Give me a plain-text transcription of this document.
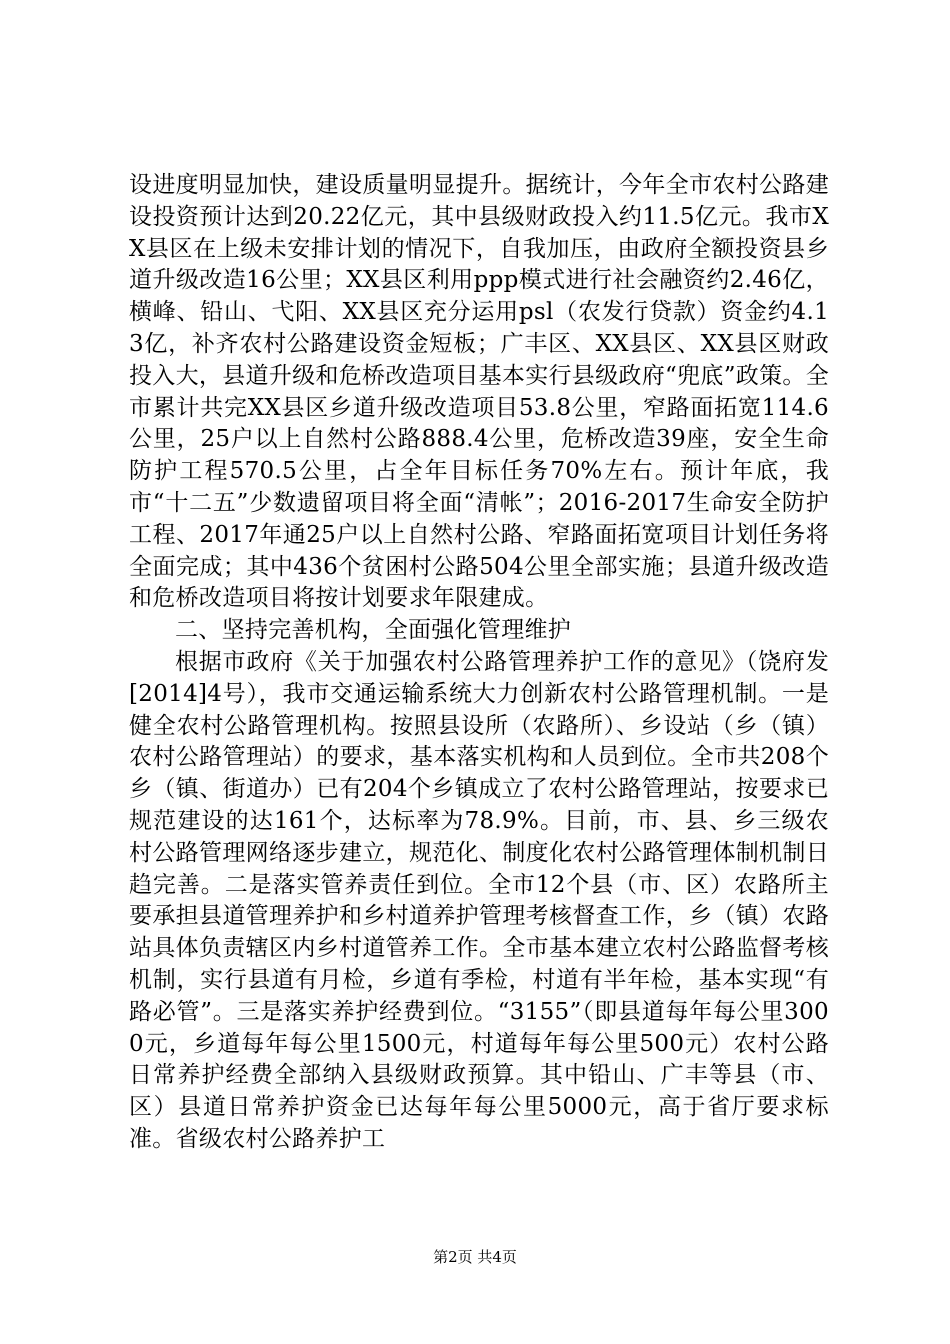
设进度明显加快，建设质量明显提升。据统计，今年全市农村公路建设投资预计达到20.22亿元，其中县级财政投入约11.5亿元。我市XX县区在上级未安排计划的情况下，自我加压，由政府全额投资县乡道升级改造16公里；XX县区利用ppp模式进行社会融资约2.46亿，横峰、铅山、弋阳、XX县区充分运用psl（农发行贷款）资金约4.13亿，补齐农村公路建设资金短板；广丰区、XX县区、XX县区财政投入大，县道升级和危桥改造项目基本实行县级政府“兜底”政策。全市累计共完XX县区乡道升级改造项目53.8公里，窄路面拓宽114.6公里，25户以上自然村公路888.4公里，危桥改造39座，安全生命防护工程570.5公里，占全年目标任务70%左右。预计年底，我市“十二五”少数遗留项目将全面“清帐”；2016-2017生命安全防护工程、2017年通25户以上自然村公路、窄路面拓宽项目计划任务将全面完成；其中436个贫困村公路504公里全部实施；县道升级改造和危桥改造项目将按计划要求年限建成。

二、坚持完善机构，全面强化管理维护

根据市政府《关于加强农村公路管理养护工作的意见》（饶府发[2014]4号），我市交通运输系统大力创新农村公路管理机制。一是健全农村公路管理机构。按照县设所（农路所）、乡设站（乡（镇）农村公路管理站）的要求，基本落实机构和人员到位。全市共208个乡（镇、街道办）已有204个乡镇成立了农村公路管理站，按要求已规范建设的达161个，达标率为78.9%。目前，市、县、乡三级农村公路管理网络逐步建立，规范化、制度化农村公路管理体制机制日趋完善。二是落实管养责任到位。全市12个县（市、区）农路所主要承担县道管理养护和乡村道养护管理考核督查工作，乡（镇）农路站具体负责辖区内乡村道管养工作。全市基本建立农村公路监督考核机制，实行县道有月检，乡道有季检，村道有半年检，基本实现“有路必管”。三是落实养护经费到位。“3155”（即县道每年每公里3000元，乡道每年每公里1500元，村道每年每公里500元）农村公路日常养护经费全部纳入县级财政预算。其中铅山、广丰等县（市、区）县道日常养护资金已达每年每公里5000元，高于省厅要求标准。省级农村公路养护工

第2页 共4页
